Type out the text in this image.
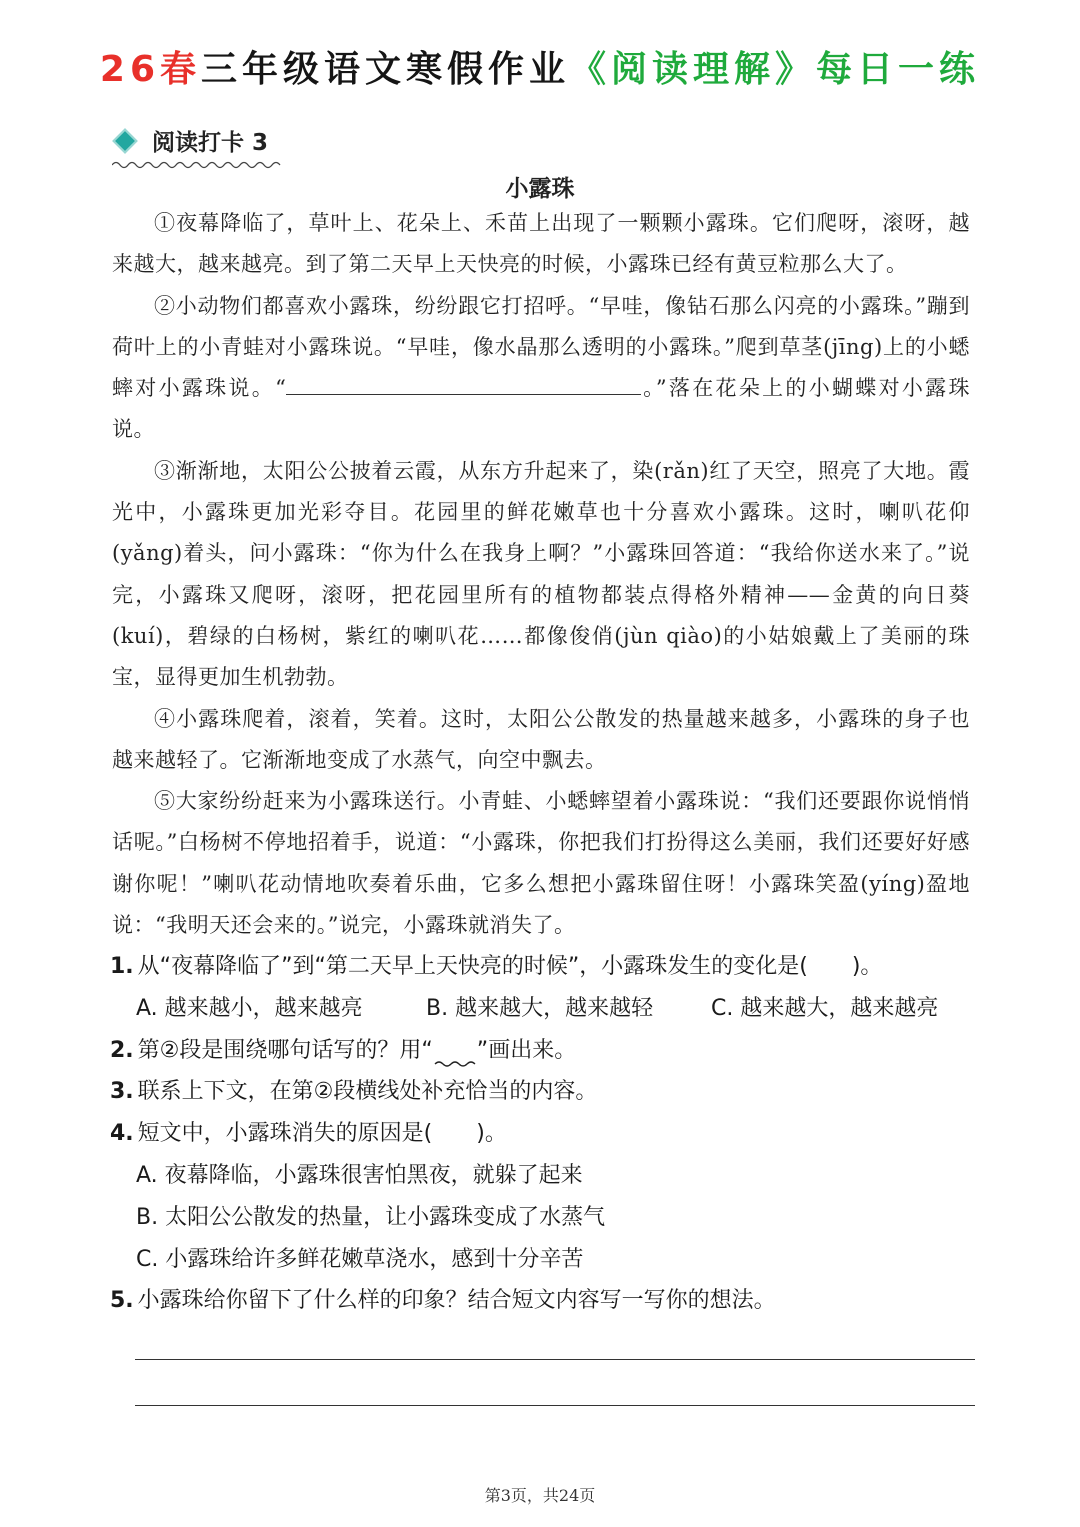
26春三年级语文寒假作业《阅读理解》每日一练
阅读打卡 3
小露珠

①夜幕降临了，草叶上、花朵上、禾苗上出现了一颗颗小露珠。它们爬呀，滚呀，越来越大，越来越亮。到了第二天早上天快亮的时候，小露珠已经有黄豆粒那么大了。

②小动物们都喜欢小露珠，纷纷跟它打招呼。“早哇，像钻石那么闪亮的小露珠。”蹦到荷叶上的小青蛙对小露珠说。“早哇，像水晶那么透明的小露珠。”爬到草茎(jīng)上的小蟋蟀对小露珠说。“	。”落在花朵上的小蝴蝶对小露珠说。

③渐渐地，太阳公公披着云霞，从东方升起来了，染(rǎn)红了天空，照亮了大地。霞光中，小露珠更加光彩夺目。花园里的鲜花嫩草也十分喜欢小露珠。这时，喇叭花仰(yǎng)着头，问小露珠：“你为什么在我身上啊？”小露珠回答道：“我给你送水来了。”说完，小露珠又爬呀，滚呀，把花园里所有的植物都装点得格外精神——金黄的向日葵(kuí)，碧绿的白杨树，紫红的喇叭花……都像俊俏(jùn qiào)的小姑娘戴上了美丽的珠宝，显得更加生机勃勃。

④小露珠爬着，滚着，笑着。这时，太阳公公散发的热量越来越多，小露珠的身子也越来越轻了。它渐渐地变成了水蒸气，向空中飘去。

⑤大家纷纷赶来为小露珠送行。小青蛙、小蟋蟀望着小露珠说：“我们还要跟你说悄悄话呢。”白杨树不停地招着手，说道：“小露珠，你把我们打扮得这么美丽，我们还要好好感谢你呢！”喇叭花动情地吹奏着乐曲，它多么想把小露珠留住呀！小露珠笑盈(yíng)盈地说：“我明天还会来的。”说完，小露珠就消失了。

1. 从“夜幕降临了”到“第二天早上天快亮的时候”，小露珠发生的变化是(　　)。
A. 越来越小，越来越亮	B. 越来越大，越来越轻	C. 越来越大，越来越亮
2. 第②段是围绕哪句话写的？用“ ”画出来。
3. 联系上下文，在第②段横线处补充恰当的内容。
4. 短文中，小露珠消失的原因是(　　)。
A. 夜幕降临，小露珠很害怕黑夜，就躲了起来
B. 太阳公公散发的热量，让小露珠变成了水蒸气
C. 小露珠给许多鲜花嫩草浇水，感到十分辛苦
5. 小露珠给你留下了什么样的印象？结合短文内容写一写你的想法。
第3页，共24页
